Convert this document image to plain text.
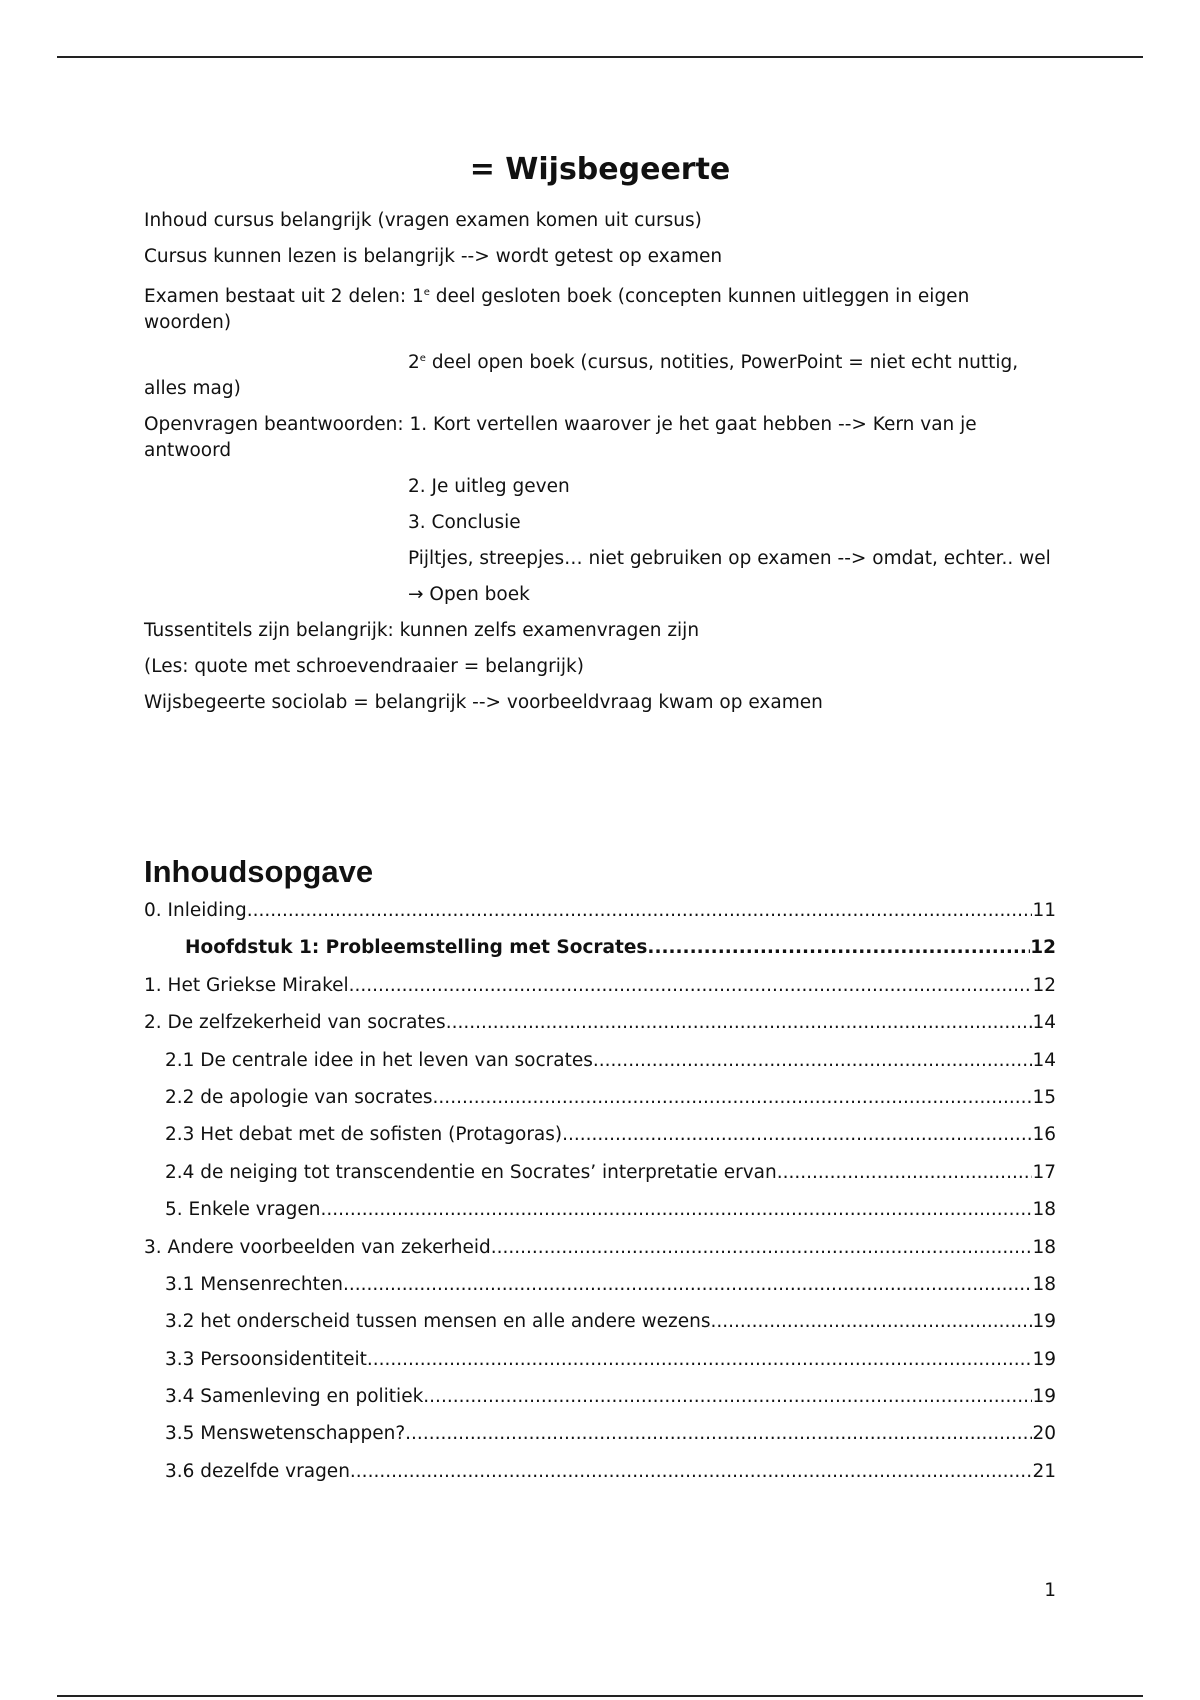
= Wijsbegeerte

Inhoud cursus belangrijk (vragen examen komen uit cursus)

Cursus kunnen lezen is belangrijk --> wordt getest op examen

Examen bestaat uit 2 delen: 1e deel gesloten boek (concepten kunnen uitleggen in eigen woorden)

2e deel open boek (cursus, notities, PowerPoint = niet echt nuttig, alles mag)

Openvragen beantwoorden: 1. Kort vertellen waarover je het gaat hebben --> Kern van je antwoord

2. Je uitleg geven

3. Conclusie

Pijltjes, streepjes… niet gebruiken op examen --> omdat, echter.. wel

→ Open boek

Tussentitels zijn belangrijk: kunnen zelfs examenvragen zijn

(Les: quote met schroevendraaier = belangrijk)

Wijsbegeerte sociolab = belangrijk --> voorbeeldvraag kwam op examen

Inhoudsopgave
0. Inleiding .....	11
Hoofdstuk 1: Probleemstelling met Socrates .....	12
1. Het Griekse Mirakel .....	12
2. De zelfzekerheid van socrates .....	14
2.1 De centrale idee in het leven van socrates .....	14
2.2 de apologie van socrates .....	15
2.3 Het debat met de sofisten (Protagoras) .....	16
2.4 de neiging tot transcendentie en Socrates’ interpretatie ervan .....	17
5. Enkele vragen .....	18
3. Andere voorbeelden van zekerheid .....	18
3.1 Mensenrechten .....	18
3.2 het onderscheid tussen mensen en alle andere wezens .....	19
3.3 Persoonsidentiteit .....	19
3.4 Samenleving en politiek .....	19
3.5 Menswetenschappen? .....	20
3.6 dezelfde vragen .....	21
1
